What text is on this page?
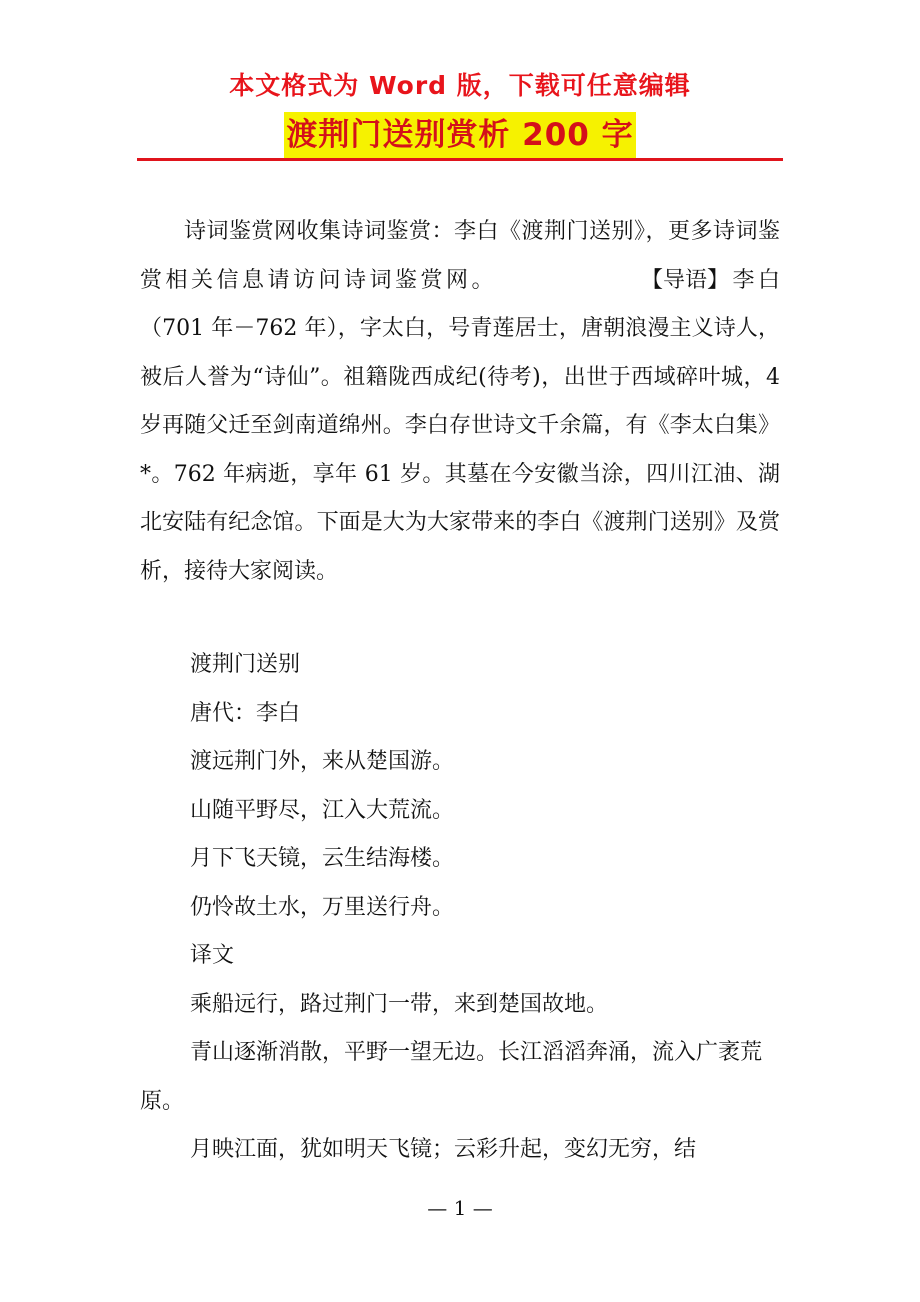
本文格式为 Word 版，下载可任意编辑
渡荆门送别赏析 200 字
诗词鉴赏网收集诗词鉴赏：李白《渡荆门送别》，更多诗词鉴赏相关信息请访问诗词鉴赏网。	【导语】李白（701 年－762 年），字太白，号青莲居士，唐朝浪漫主义诗人，被后人誉为“诗仙”。祖籍陇西成纪(待考)，出世于西域碎叶城，4 岁再随父迁至剑南道绵州。李白存世诗文千余篇，有《李太白集》*。762 年病逝，享年 61 岁。其墓在今安徽当涂，四川江油、湖北安陆有纪念馆。下面是大为大家带来的李白《渡荆门送别》及赏析，接待大家阅读。

渡荆门送别

唐代：李白

渡远荆门外，来从楚国游。

山随平野尽，江入大荒流。

月下飞天镜，云生结海楼。

仍怜故土水，万里送行舟。

译文

乘船远行，路过荆门一带，来到楚国故地。

青山逐渐消散，平野一望无边。长江滔滔奔涌，流入广袤荒原。

月映江面，犹如明天飞镜；云彩升起，变幻无穷，结

— 1 —
